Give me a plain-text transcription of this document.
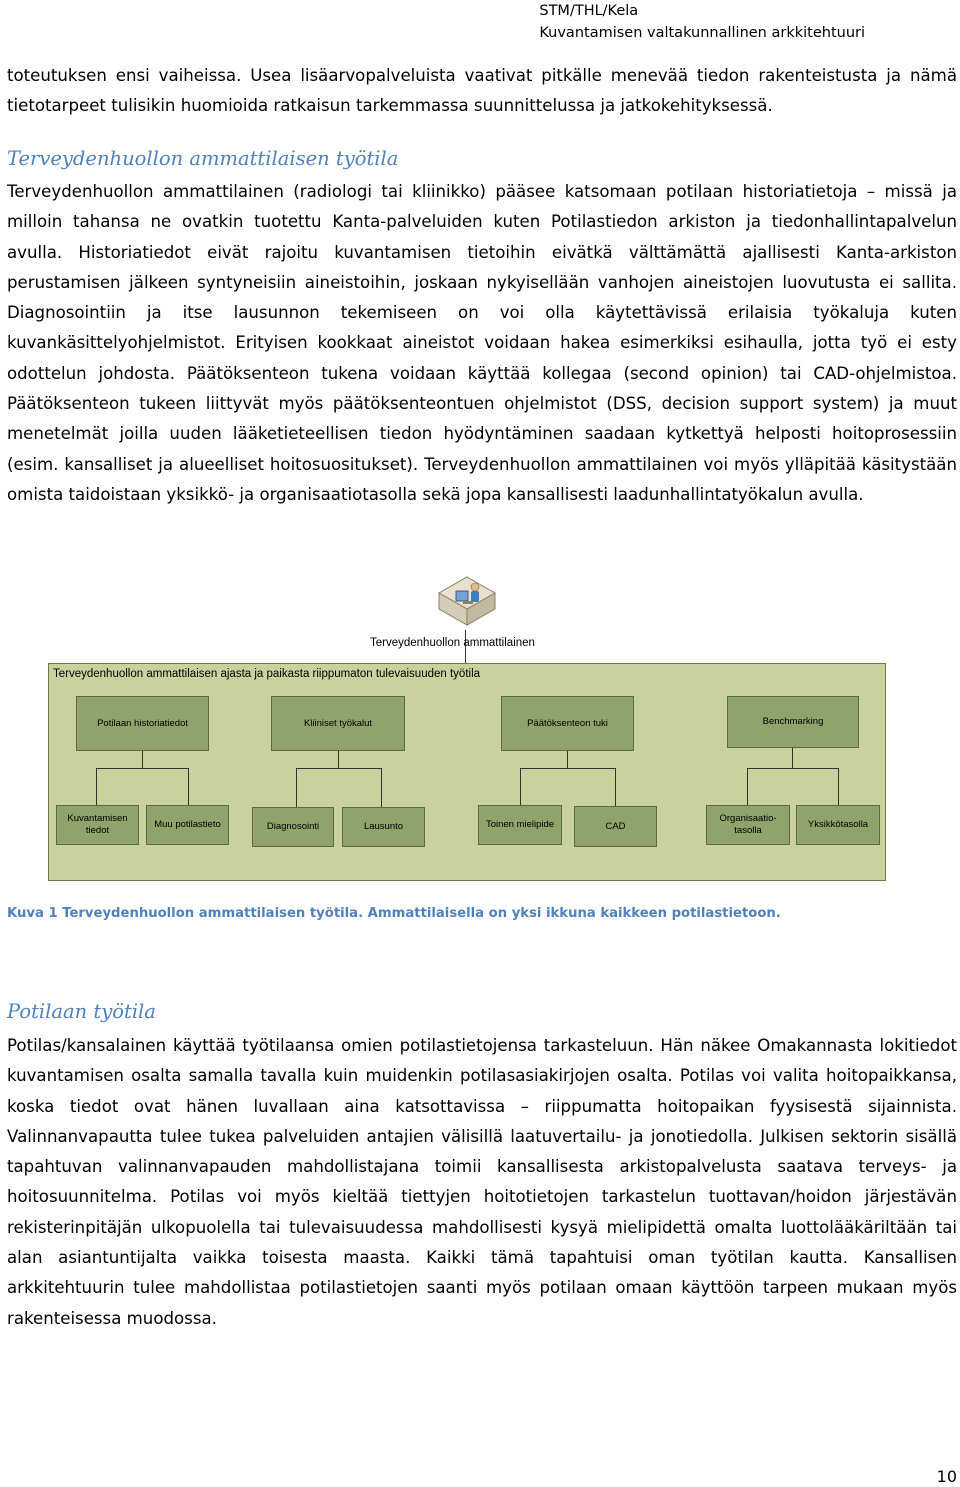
STM/THL/Kela
Kuvantamisen valtakunnallinen arkkitehtuuri
toteutuksen ensi vaiheissa. Usea lisäarvopalveluista vaativat pitkälle menevää tiedon rakenteistusta ja nämä tietotarpeet tulisikin huomioida ratkaisun tarkemmassa suunnittelussa ja jatkokehityksessä.
Terveydenhuollon ammattilaisen työtila
Terveydenhuollon ammattilainen (radiologi tai kliinikko) pääsee katsomaan potilaan historiatietoja – missä ja milloin tahansa ne ovatkin tuotettu Kanta-palveluiden kuten Potilastiedon arkiston ja tiedonhallintapalvelun avulla. Historiatiedot eivät rajoitu kuvantamisen tietoihin eivätkä välttämättä ajallisesti Kanta-arkiston perustamisen jälkeen syntyneisiin aineistoihin, joskaan nykyisellään vanhojen aineistojen luovutusta ei sallita. Diagnosointiin ja itse lausunnon tekemiseen on voi olla käytettävissä erilaisia työkaluja kuten kuvankäsittelyohjelmistot. Erityisen kookkaat aineistot voidaan hakea esimerkiksi esihaulla, jotta työ ei esty odottelun johdosta. Päätöksenteon tukena voidaan käyttää kollegaa (second opinion) tai CAD-ohjelmistoa. Päätöksenteon tukeen liittyvät myös päätöksenteontuen ohjelmistot (DSS, decision support system) ja muut menetelmät joilla uuden lääketieteellisen tiedon hyödyntäminen saadaan kytkettyä helposti hoitoprosessiin (esim. kansalliset ja alueelliset hoitosuositukset). Terveydenhuollon ammattilainen voi myös ylläpitää käsitystään omista taidoistaan yksikkö- ja organisaatiotasolla sekä jopa kansallisesti laadunhallintatyökalun avulla.
Terveydenhuollon ammattilainen
Terveydenhuollon ammattilaisen ajasta ja paikasta riippumaton tulevaisuuden työtila
Potilaan historiatiedot	Kliiniset työkalut	Päätöksenteon tuki	Benchmarking
Kuvantamisen tiedot
Muu potilastieto	Diagnosointi	Lausunto	Toinen mielipide	CAD
Organisaatio-tasolla
Yksikkötasolla
Kuva 1 Terveydenhuollon ammattilaisen työtila. Ammattilaisella on yksi ikkuna kaikkeen potilastietoon.
Potilaan työtila
Potilas/kansalainen käyttää työtilaansa omien potilastietojensa tarkasteluun. Hän näkee Omakannasta lokitiedot kuvantamisen osalta samalla tavalla kuin muidenkin potilasasiakirjojen osalta. Potilas voi valita hoitopaikkansa, koska tiedot ovat hänen luvallaan aina katsottavissa – riippumatta hoitopaikan fyysisestä sijainnista. Valinnanvapautta tulee tukea palveluiden antajien välisillä laatuvertailu- ja jonotiedolla. Julkisen sektorin sisällä tapahtuvan valinnanvapauden mahdollistajana toimii kansallisesta arkistopalvelusta saatava terveys- ja hoitosuunnitelma. Potilas voi myös kieltää tiettyjen hoitotietojen tarkastelun tuottavan/hoidon järjestävän rekisterinpitäjän ulkopuolella tai tulevaisuudessa mahdollisesti kysyä mielipidettä omalta luottolääkäriltään tai alan asiantuntijalta vaikka toisesta maasta. Kaikki tämä tapahtuisi oman työtilan kautta. Kansallisen arkkitehtuurin tulee mahdollistaa potilastietojen saanti myös potilaan omaan käyttöön tarpeen mukaan myös rakenteisessa muodossa.
10
